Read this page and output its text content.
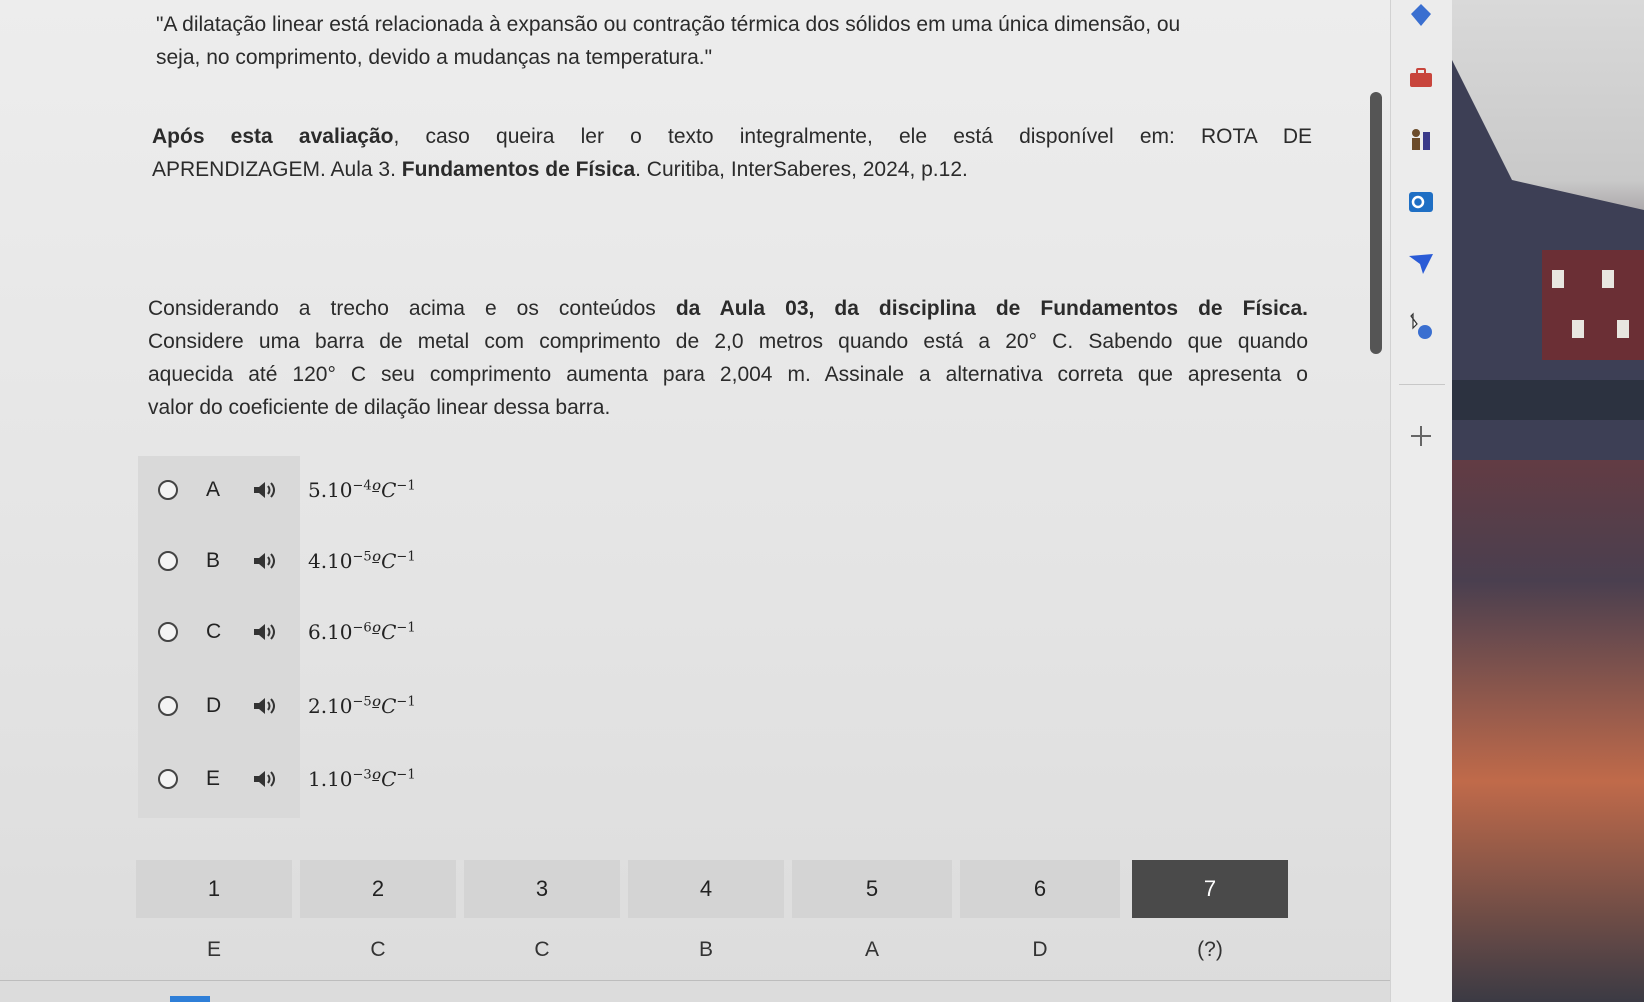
"A dilatação linear está relacionada à expansão ou contração térmica dos sólidos em uma única dimensão, ou
seja, no comprimento, devido a mudanças na temperatura."
Após esta avaliação, caso queira ler o texto integralmente, ele está disponível em: ROTA DE
APRENDIZAGEM. Aula 3. Fundamentos de Física. Curitiba, InterSaberes, 2024, p.12.
Considerando a trecho acima e os conteúdos da Aula 03, da disciplina de Fundamentos de Física.
Considere uma barra de metal com comprimento de 2,0 metros quando está a 20° C. Sabendo que quando
aquecida até 120° C seu comprimento aumenta para 2,004 m. Assinale a alternativa correta que apresenta o
valor do coeficiente de dilação linear dessa barra.
A	$5.10^{-4}ºC^{-1}$
B	$4.10^{-5}ºC^{-1}$
C	$6.10^{-6}ºC^{-1}$
D	$2.10^{-5}ºC^{-1}$
E	$1.10^{-3}ºC^{-1}$
1	2	3	4	5	6	7
E	C	C	B	A	D	(?)
